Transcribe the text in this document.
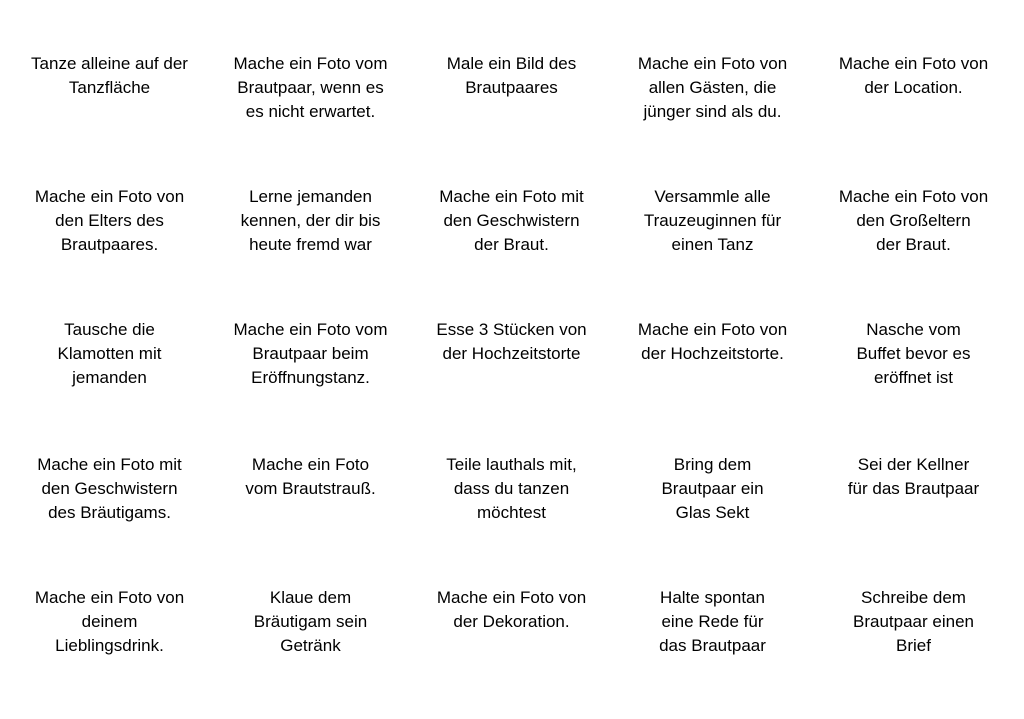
Tanze alleine auf der
Tanzfläche
Mache ein Foto vom
Brautpaar, wenn es
es nicht erwartet.
Male ein Bild des
Brautpaares
Mache ein Foto von
allen Gästen, die
jünger sind als du.
Mache ein Foto von
der Location.
Mache ein Foto von
den Elters des
Brautpaares.
Lerne jemanden
kennen, der dir bis
heute fremd war
Mache ein Foto mit
den Geschwistern
der Braut.
Versammle alle
Trauzeuginnen für
einen Tanz
Mache ein Foto von
den Großeltern
der Braut.
Tausche die
Klamotten mit
jemanden
Mache ein Foto vom
Brautpaar beim
Eröffnungstanz.
Esse 3 Stücken von
der Hochzeitstorte
Mache ein Foto von
der Hochzeitstorte.
Nasche vom
Buffet bevor es
eröffnet ist
Mache ein Foto mit
den Geschwistern
des Bräutigams.
Mache ein Foto
vom Brautstrauß.
Teile lauthals mit,
dass du tanzen
möchtest
Bring dem
Brautpaar ein
Glas Sekt
Sei der Kellner
für das Brautpaar
Mache ein Foto von
deinem
Lieblingsdrink.
Klaue dem
Bräutigam sein
Getränk
Mache ein Foto von
der Dekoration.
Halte spontan
eine Rede für
das Brautpaar
Schreibe dem
Brautpaar einen
Brief
